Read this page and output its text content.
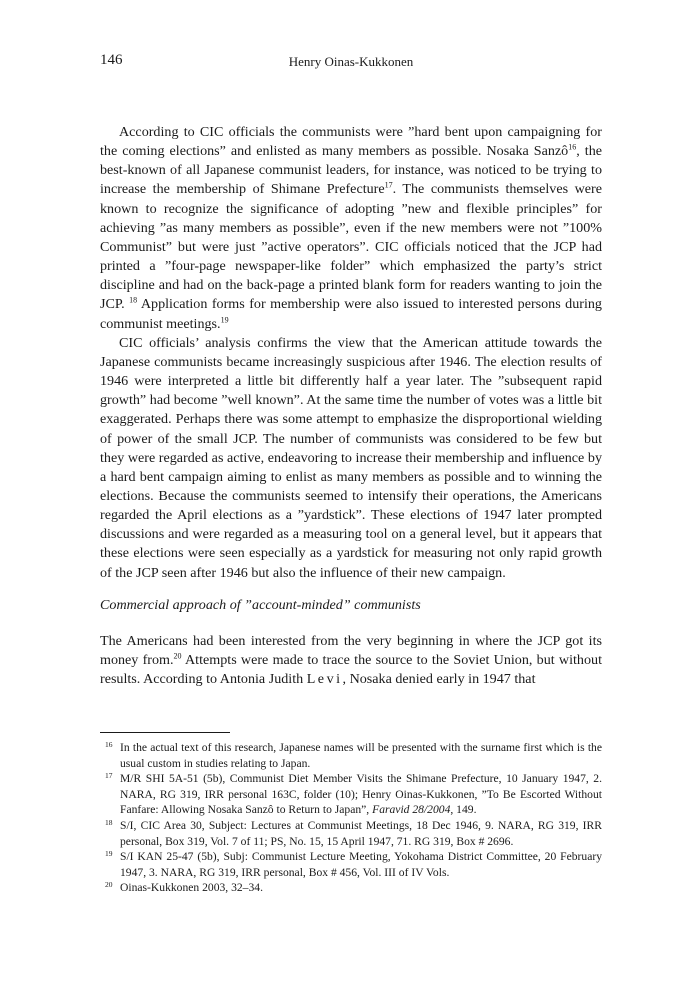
146	Henry Oinas-Kukkonen

According to CIC officials the communists were ”hard bent upon campaigning for the coming elections” and enlisted as many members as possible. Nosaka Sanzô$^{16}$, the best-known of all Japanese communist leaders, for instance, was noticed to be trying to increase the membership of Shimane Prefecture$^{17}$. The communists themselves were known to recognize the significance of adopting ”new and flexible principles” for achieving ”as many members as possible”, even if the new members were not ”100% Communist” but were just ”active operators”. CIC officials noticed that the JCP had printed a ”four-page newspaper-like folder” which emphasized the party’s strict discipline and had on the back-page a printed blank form for readers wanting to join the JCP. $^{18}$ Application forms for membership were also issued to interested persons during communist meetings.$^{19}$

CIC officials’ analysis confirms the view that the American attitude towards the Japanese communists became increasingly suspicious after 1946. The election results of 1946 were interpreted a little bit differently half a year later. The ”subsequent rapid growth” had become ”well known”. At the same time the number of votes was a little bit exaggerated. Perhaps there was some attempt to emphasize the disproportional wielding of power of the small JCP. The number of communists was considered to be few but they were regarded as active, endeavoring to increase their membership and influence by a hard bent campaign aiming to enlist as many members as possible and to winning the elections. Because the communists seemed to intensify their operations, the Americans regarded the April elections as a ”yardstick”. These elections of 1947 later prompted discussions and were regarded as a measuring tool on a general level, but it appears that these elections were seen especially as a yardstick for measuring not only rapid growth of the JCP seen after 1946 but also the influence of their new campaign.

Commercial approach of ”account-minded” communists

The Americans had been interested from the very beginning in where the JCP got its money from.$^{20}$ Attempts were made to trace the source to the Soviet Union, but without results. According to Antonia Judith Levi, Nosaka denied early in 1947 that

16 In the actual text of this research, Japanese names will be presented with the surname first which is the usual custom in studies relating to Japan.

17 M/R SHI 5A-51 (5b), Communist Diet Member Visits the Shimane Prefecture, 10 January 1947, 2. NARA, RG 319, IRR personal 163C, folder (10); Henry Oinas-Kukkonen, ”To Be Escorted Without Fanfare: Allowing Nosaka Sanzô to Return to Japan”, Faravid 28/2004, 149.

18 S/I, CIC Area 30, Subject: Lectures at Communist Meetings, 18 Dec 1946, 9. NARA, RG 319, IRR personal, Box 319, Vol. 7 of 11; PS, No. 15, 15 April 1947, 71. RG 319, Box # 2696.

19 S/I KAN 25-47 (5b), Subj: Communist Lecture Meeting, Yokohama District Committee, 20 February 1947, 3. NARA, RG 319, IRR personal, Box # 456, Vol. III of IV Vols.

20 Oinas-Kukkonen 2003, 32–34.
